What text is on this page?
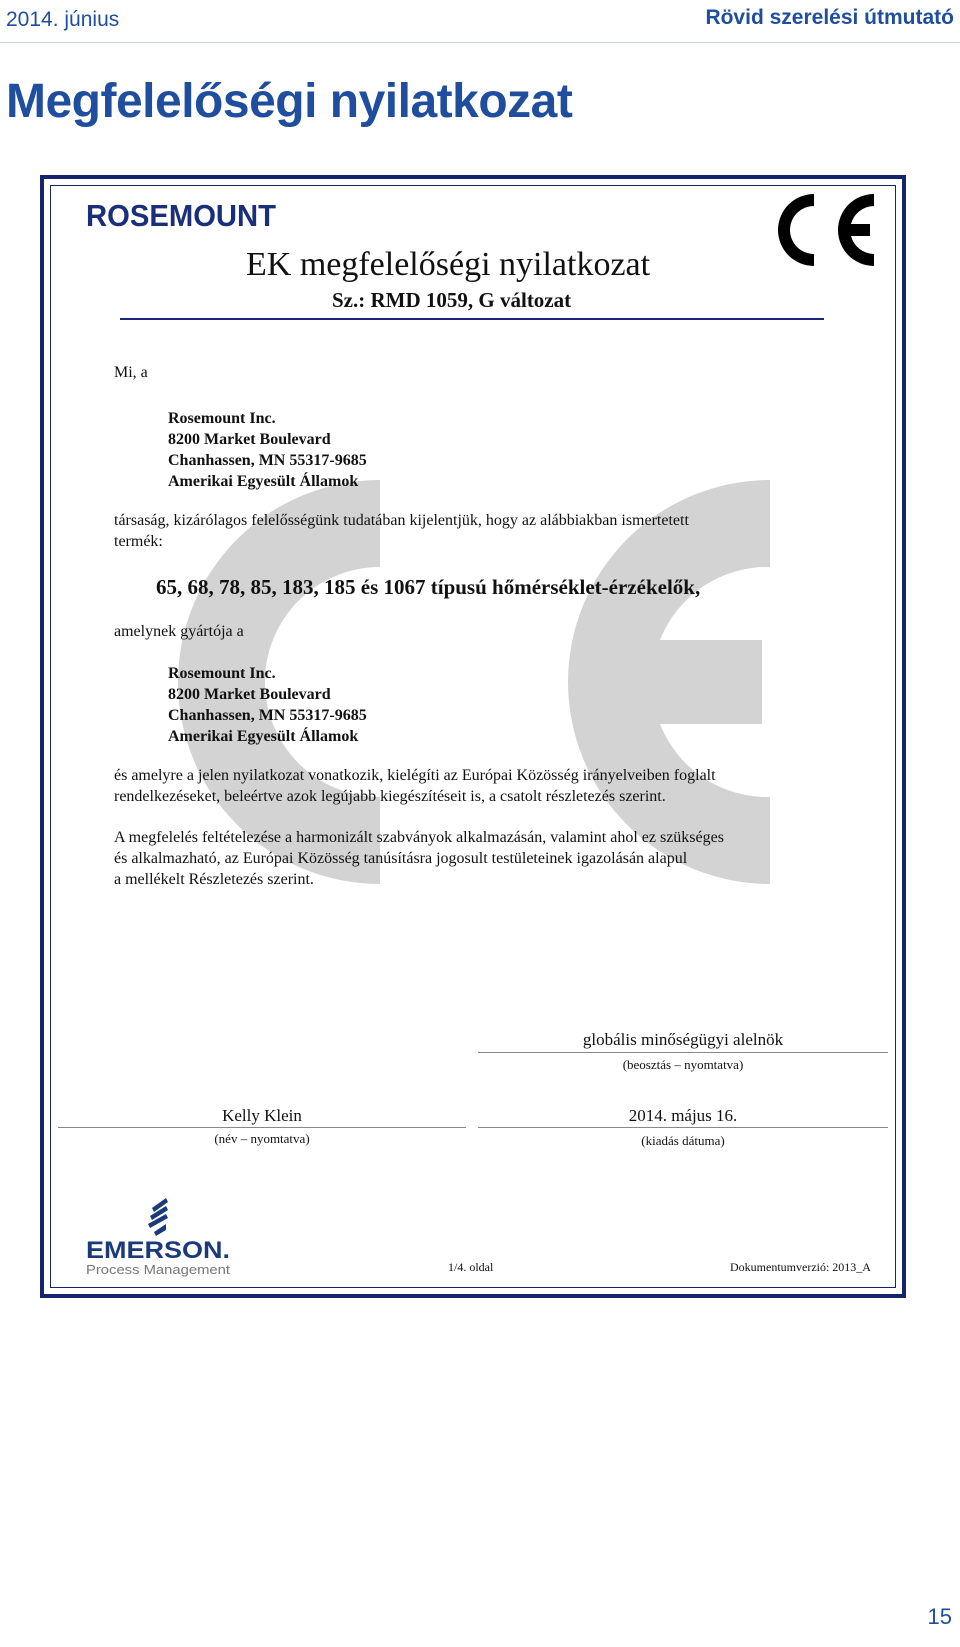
2014. június	Rövid szerelési útmutató
Megfelelőségi nyilatkozat
ROSEMOUNT
EK megfelelőségi nyilatkozat
Sz.: RMD 1059, G változat
Mi, a
Rosemount Inc.
8200 Market Boulevard
Chanhassen, MN 55317-9685
Amerikai Egyesült Államok
társaság, kizárólagos felelősségünk tudatában kijelentjük, hogy az alábbiakban ismertetett
termék:
65, 68, 78, 85, 183, 185 és 1067 típusú hőmérséklet-érzékelők,
amelynek gyártója a
Rosemount Inc.
8200 Market Boulevard
Chanhassen, MN 55317-9685
Amerikai Egyesült Államok
és amelyre a jelen nyilatkozat vonatkozik, kielégíti az Európai Közösség irányelveiben foglalt
rendelkezéseket, beleértve azok legújabb kiegészítéseit is, a csatolt részletezés szerint.
A megfelelés feltételezése a harmonizált szabványok alkalmazásán, valamint ahol ez szükséges
és alkalmazható, az Európai Közösség tanúsításra jogosult testületeinek igazolásán alapul
a mellékelt Részletezés szerint.
globális minőségügyi alelnök
(beosztás – nyomtatva)
Kelly Klein
(név – nyomtatva)
2014. május 16.
(kiadás dátuma)
EMERSON.
Process Management	1/4. oldal	Dokumentumverzió: 2013_A
15
